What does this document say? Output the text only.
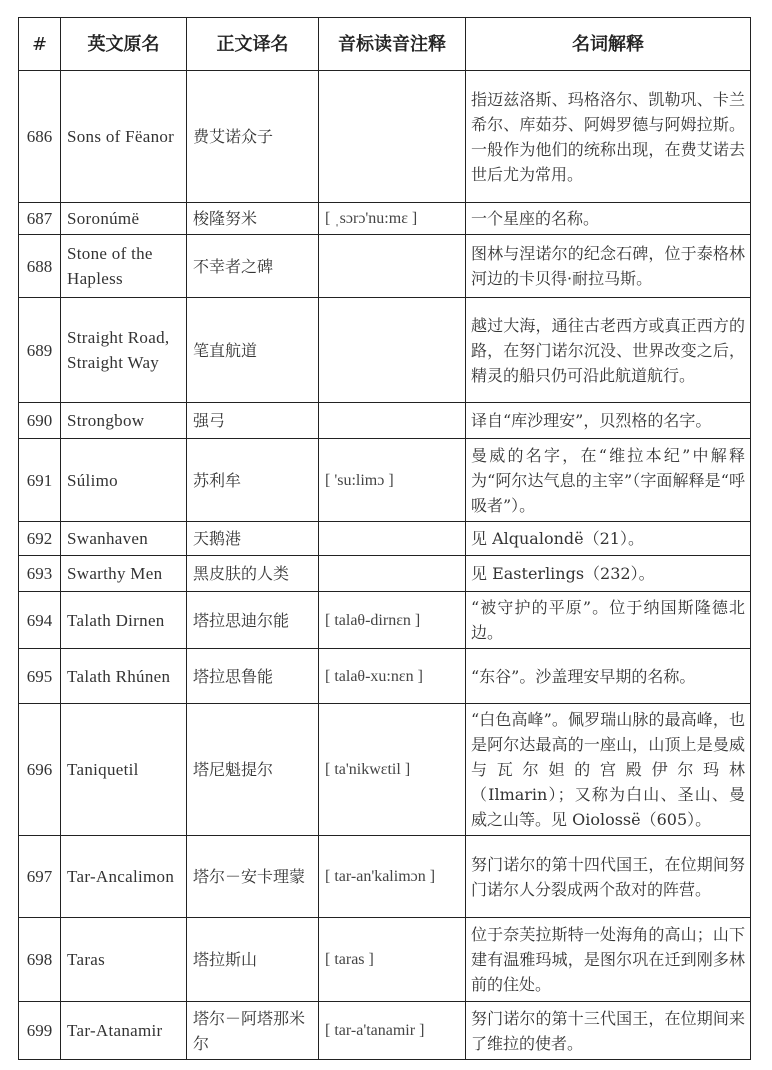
#	英文原名	正文译名	音标读音注释	名词解释
686	Sons of Fëanor	费艾诺众子		指迈兹洛斯、玛格洛尔、凯勒巩、卡兰希尔、库茹芬、阿姆罗德与阿姆拉斯。一般作为他们的统称出现，在费艾诺去世后尤为常用。
687	Soronúmë	梭隆努米	[ ˌsɔrɔ'nu:mɛ ]	一个星座的名称。
688	Stone of the Hapless	不幸者之碑		图林与涅诺尔的纪念石碑，位于泰格林河边的卡贝得·耐拉马斯。
689	Straight Road, Straight Way	笔直航道		越过大海，通往古老西方或真正西方的路，在努门诺尔沉没、世界改变之后，精灵的船只仍可沿此航道航行。
690	Strongbow	强弓		译自“库沙理安”，贝烈格的名字。
691	Súlimo	苏利牟	[ 'su:limɔ ]	曼威的名字，在“维拉本纪”中解释为“阿尔达气息的主宰”（字面解释是“呼吸者”）。
692	Swanhaven	天鹅港		见 Alqualondë（21）。
693	Swarthy Men	黑皮肤的人类		见 Easterlings（232）。
694	Talath Dirnen	塔拉思迪尔能	[ talaθ-dirnɛn ]	“被守护的平原”。位于纳国斯隆德北边。
695	Talath Rhúnen	塔拉思鲁能	[ talaθ-xu:nɛn ]	“东谷”。沙盖理安早期的名称。
696	Taniquetil	塔尼魁提尔	[ ta'nikwɛtil ]	“白色高峰”。佩罗瑞山脉的最高峰，也是阿尔达最高的一座山，山顶上是曼威与瓦尔妲的宫殿伊尔玛林（Ilmarin）；又称为白山、圣山、曼威之山等。见 Oiolossë（605）。
697	Tar-Ancalimon	塔尔－安卡理蒙	[ tar-an'kalimɔn ]	努门诺尔的第十四代国王，在位期间努门诺尔人分裂成两个敌对的阵营。
698	Taras	塔拉斯山	[ taras ]	位于奈芙拉斯特一处海角的高山；山下建有温雅玛城，是图尔巩在迁到刚多林前的住处。
699	Tar-Atanamir	塔尔－阿塔那米尔	[ tar-a'tanamir ]	努门诺尔的第十三代国王，在位期间来了维拉的使者。
